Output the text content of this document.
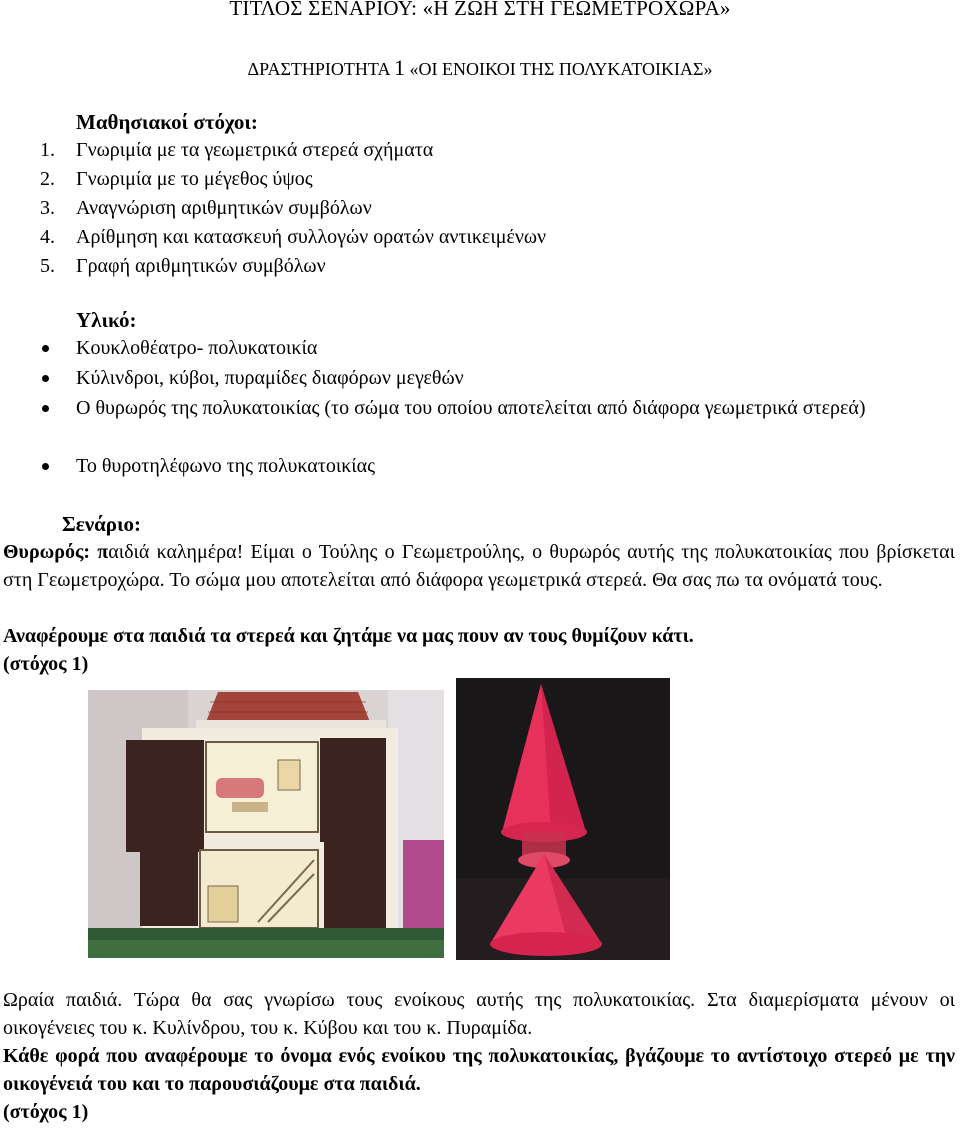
ΤΙΤΛΟΣ ΣΕΝΑΡΙΟΥ: «Η ΖΩΗ ΣΤΗ ΓΕΩΜΕΤΡΟΧΩΡΑ»
ΔΡΑΣΤΗΡΙΟΤΗΤΑ 1 «ΟΙ ΕΝΟΙΚΟΙ ΤΗΣ ΠΟΛΥΚΑΤΟΙΚΙΑΣ»
Μαθησιακοί στόχοι:
1. Γνωριμία με τα γεωμετρικά στερεά σχήματα
2. Γνωριμία με το μέγεθος ύψος
3. Αναγνώριση αριθμητικών συμβόλων
4. Αρίθμηση και κατασκευή συλλογών ορατών αντικειμένων
5. Γραφή αριθμητικών συμβόλων
Υλικό:
Κουκλοθέατρο- πολυκατοικία
Κύλινδροι, κύβοι, πυραμίδες διαφόρων μεγεθών
Ο θυρωρός της πολυκατοικίας (το σώμα του οποίου αποτελείται από διάφορα γεωμετρικά στερεά)
Το θυροτηλέφωνο της πολυκατοικίας
Σενάριο:

Θυρωρός: παιδιά καλημέρα! Είμαι ο Τούλης ο Γεωμετρούλης, ο θυρωρός αυτής της πολυκατοικίας που βρίσκεται στη Γεωμετροχώρα. Το σώμα μου αποτελείται από διάφορα γεωμετρικά στερεά. Θα σας πω τα ονόματά τους.

Αναφέρουμε στα παιδιά τα στερεά και ζητάμε να μας πουν αν τους θυμίζουν κάτι.

(στόχος 1)

Ωραία παιδιά. Τώρα θα σας γνωρίσω τους ενοίκους αυτής της πολυκατοικίας. Στα διαμερίσματα μένουν οι οικογένειες του κ. Κυλίνδρου, του κ. Κύβου και του κ. Πυραμίδα.

Κάθε φορά που αναφέρουμε το όνομα ενός ενοίκου της πολυκατοικίας, βγάζουμε το αντίστοιχο στερεό με την οικογένειά του και το παρουσιάζουμε στα παιδιά.

(στόχος 1)
